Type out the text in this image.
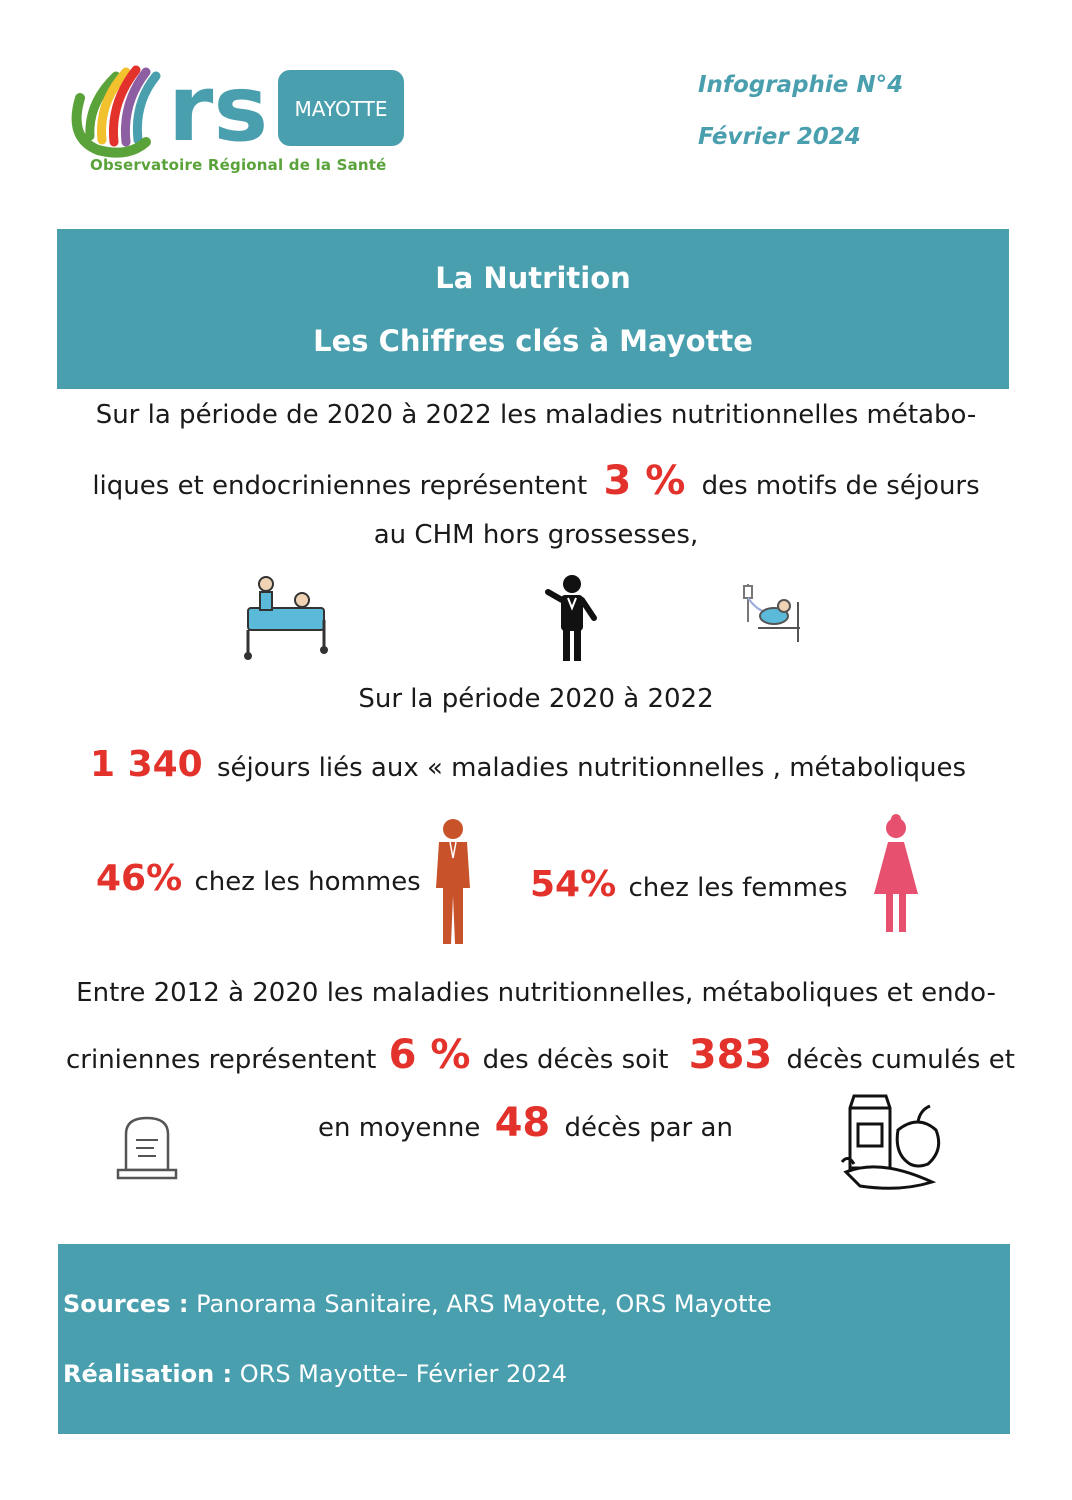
rs MAYOTTE
Observatoire Régional de la Santé
Infographie N°4
Février 2024
La Nutrition
Les Chiffres clés à Mayotte
Sur la période de 2020 à 2022 les maladies nutritionnelles métabo-
liques et endocriniennes représentent 3 % des motifs de séjours
au CHM hors grossesses,
Sur la période 2020 à 2022
1 340 séjours liés aux « maladies nutritionnelles , métaboliques
46% chez les hommes	54% chez les femmes
Entre 2012 à 2020 les maladies nutritionnelles, métaboliques et endo-
criniennes représentent 6 % des décès soit 383 décès cumulés et
en moyenne 48 décès par an
Sources : Panorama Sanitaire, ARS Mayotte, ORS Mayotte
Réalisation : ORS Mayotte– Février 2024
